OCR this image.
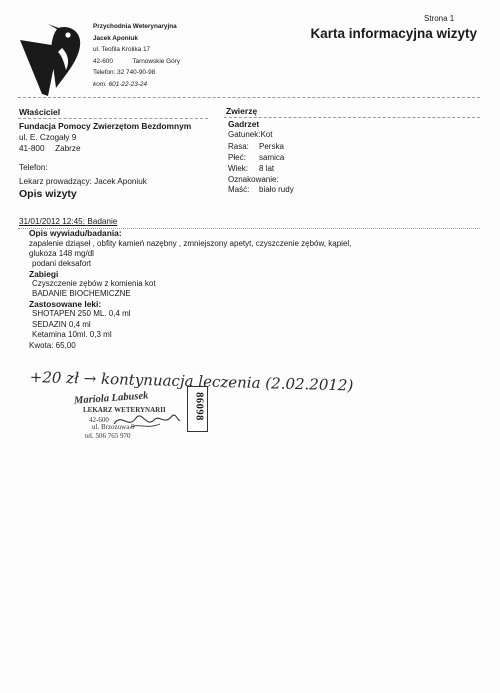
Przychodnia Weterynaryjna
Jacek Aponiuk
ul. Teofila Krolika 17
42-600	Tarnowskie Góry
Telefon: 32 740-90-98
kom. 601-22-23-24
Strona 1
Karta informacyjna wizyty
Właściciel
Fundacja Pomocy Zwierzętom Bezdomnym
ul. E. Czogały 9
41-800 Zabrze
Telefon:
Lekarz prowadzący: Jacek Aponiuk
Opis wizyty
Zwierzę
Gadrzet
Gatunek:Kot
Rasa: Perska
Płeć: samica
Wiek: 8 lat
Oznakowanie:
Maść: biało rudy
31/01/2012 12:45: Badanie
Opis wywiadu/badania:
zapalenie dziąseł , obfity kamień nazębny , zmniejszony apetyt, czyszczenie zębów, kąpiel,
glukoza 148 mg/dl
podani deksafort
Zabiegi
Czyszczenie zębów z komienia kot
BADANIE BIOCHEMICZNE
Zastosowane leki:
SHOTAPEN 250 ML. 0,4 ml
SEDAZIN 0,4 ml
Ketamina 10ml. 0,3 ml
Kwota: 65,00
+20 zł → kontynuacja leczenia (2.02.2012)
Mariola Labusek
LEKARZ WETERYNARII
42-600
ul. Brzozowa 9
tel. 506 765 970
86098
